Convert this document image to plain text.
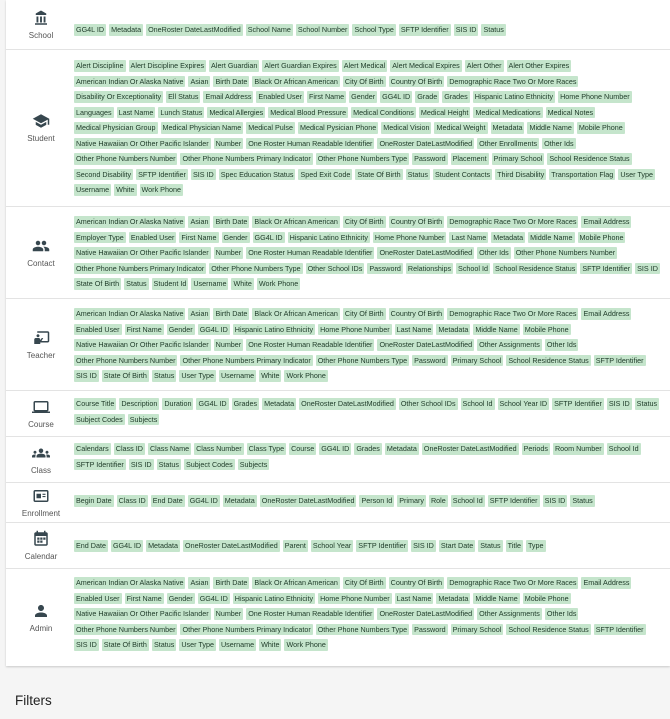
School
GG4L ID Metadata OneRoster DateLastModified School Name School Number School Type SFTP Identifier SIS ID Status
Student
Alert Discipline Alert Discipline Expires Alert Guardian Alert Guardian Expires Alert Medical Alert Medical Expires Alert Other Alert Other Expires
American Indian Or Alaska Native Asian Birth Date Black Or African American City Of Birth Country Of Birth Demographic Race Two Or More Races
Disability Or Exceptionality Ell Status Email Address Enabled User First Name Gender GG4L ID Grade Grades Hispanic Latino Ethnicity Home Phone Number
Languages Last Name Lunch Status Medical Allergies Medical Blood Pressure Medical Conditions Medical Height Medical Medications Medical Notes
Medical Physician Group Medical Physician Name Medical Pulse Medical Pysician Phone Medical Vision Medical Weight Metadata Middle Name Mobile Phone
Native Hawaiian Or Other Pacific Islander Number One Roster Human Readable Identifier OneRoster DateLastModified Other Enrollments Other Ids
Other Phone Numbers Number Other Phone Numbers Primary Indicator Other Phone Numbers Type Password Placement Primary School School Residence Status
Second Disability SFTP Identifier SIS ID Spec Education Status Sped Exit Code State Of Birth Status Student Contacts Third Disability Transportation Flag User Type
Username White Work Phone
Contact
American Indian Or Alaska Native Asian Birth Date Black Or African American City Of Birth Country Of Birth Demographic Race Two Or More Races Email Address
Employer Type Enabled User First Name Gender GG4L ID Hispanic Latino Ethnicity Home Phone Number Last Name Metadata Middle Name Mobile Phone
Native Hawaiian Or Other Pacific Islander Number One Roster Human Readable Identifier OneRoster DateLastModified Other Ids Other Phone Numbers Number
Other Phone Numbers Primary Indicator Other Phone Numbers Type Other School IDs Password Relationships School Id School Residence Status SFTP Identifier SIS ID
State Of Birth Status Student Id Username White Work Phone
Teacher
American Indian Or Alaska Native Asian Birth Date Black Or African American City Of Birth Country Of Birth Demographic Race Two Or More Races Email Address
Enabled User First Name Gender GG4L ID Hispanic Latino Ethnicity Home Phone Number Last Name Metadata Middle Name Mobile Phone
Native Hawaiian Or Other Pacific Islander Number One Roster Human Readable Identifier OneRoster DateLastModified Other Assignments Other Ids
Other Phone Numbers Number Other Phone Numbers Primary Indicator Other Phone Numbers Type Password Primary School School Residence Status SFTP Identifier
SIS ID State Of Birth Status User Type Username White Work Phone
Course
Course Title Description Duration GG4L ID Grades Metadata OneRoster DateLastModified Other School IDs School Id School Year ID SFTP Identifier SIS ID Status
Subject Codes Subjects
Class
Calendars Class ID Class Name Class Number Class Type Course GG4L ID Grades Metadata OneRoster DateLastModified Periods Room Number School Id
SFTP Identifier SIS ID Status Subject Codes Subjects
Enrollment
Begin Date Class ID End Date GG4L ID Metadata OneRoster DateLastModified Person Id Primary Role School Id SFTP Identifier SIS ID Status
Calendar
End Date GG4L ID Metadata OneRoster DateLastModified Parent School Year SFTP Identifier SIS ID Start Date Status Title Type
Admin
American Indian Or Alaska Native Asian Birth Date Black Or African American City Of Birth Country Of Birth Demographic Race Two Or More Races Email Address
Enabled User First Name Gender GG4L ID Hispanic Latino Ethnicity Home Phone Number Last Name Metadata Middle Name Mobile Phone
Native Hawaiian Or Other Pacific Islander Number One Roster Human Readable Identifier OneRoster DateLastModified Other Assignments Other Ids
Other Phone Numbers Number Other Phone Numbers Primary Indicator Other Phone Numbers Type Password Primary School School Residence Status SFTP Identifier
SIS ID State Of Birth Status User Type Username White Work Phone
Filters
